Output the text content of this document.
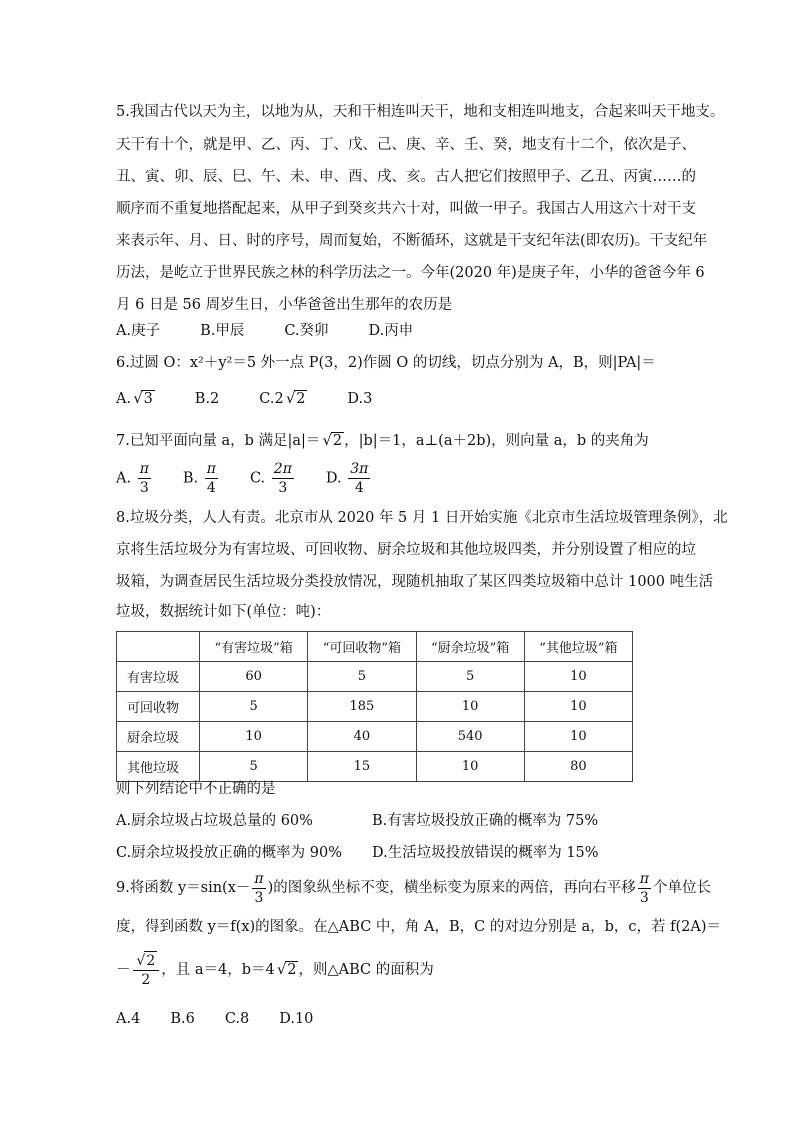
5.我国古代以天为主，以地为从，天和干相连叫天干，地和支相连叫地支，合起来叫天干地支。
天干有十个，就是甲、乙、丙、丁、戊、己、庚、辛、壬、癸，地支有十二个，依次是子、
丑、寅、卯、辰、巳、午、未、申、酉、戌、亥。古人把它们按照甲子、乙丑、丙寅……的
顺序而不重复地搭配起来，从甲子到癸亥共六十对，叫做一甲子。我国古人用这六十对干支
来表示年、月、日、时的序号，周而复始，不断循环，这就是干支纪年法(即农历)。干支纪年
历法，是屹立于世界民族之林的科学历法之一。今年(2020 年)是庚子年，小华的爸爸今年 6
月 6 日是 56 周岁生日，小华爸爸出生那年的农历是
A.庚子	B.甲辰	C.癸卯	D.丙申
6.过圆 O：x²＋y²＝5 外一点 P(3，2)作圆 O 的切线，切点分别为 A，B，则|PA|＝
A. √ 3	B.2	C.2 √ 2	D.3
7.已知平面向量 a，b 满足|a|＝ √ 2 ，|b|＝1，a⊥(a＋2b)，则向量 a，b 的夹角为
A. $\frac{\pi}{3} B$. $\frac{\pi}{4} C$. $\frac{2\pi}{3} D$. $\frac{3\pi}{4}$
8.垃圾分类，人人有责。北京市从 2020 年 5 月 1 日开始实施《北京市生活垃圾管理条例》，北
京将生活垃圾分为有害垃圾、可回收物、厨余垃圾和其他垃圾四类，并分别设置了相应的垃
圾箱，为调查居民生活垃圾分类投放情况，现随机抽取了某区四类垃圾箱中总计 1000 吨生活
垃圾，数据统计如下(单位：吨)：
	“有害垃圾”箱	“可回收物”箱	“厨余垃圾”箱	“其他垃圾”箱
有害垃圾	60	5	5	10
可回收物	5	185	10	10
厨余垃圾	10	40	540	10
其他垃圾	5	15	10	80
则下列结论中不正确的是
A.厨余垃圾占垃圾总量的 60%	B.有害垃圾投放正确的概率为 75%
C.厨余垃圾投放正确的概率为 90% D.生活垃圾投放错误的概率为 15%
9.将函数 $y=\sin(x- \frac{\pi}{3}$ )的图象纵坐标不变，横坐标变为原来的两倍，再向右平移 $\frac{\pi}{3}$ 个单位长
度，得到函数 y＝f(x)的图象。在△ABC 中，角 A，B，C 的对边分别是 a，b，c，若 f(2A)＝
－ √ $\frac{2}{2}$ ，且 a＝4，b＝4 √ 2 ，则△ABC 的面积为
A.4 B.6 C.8 D.10
